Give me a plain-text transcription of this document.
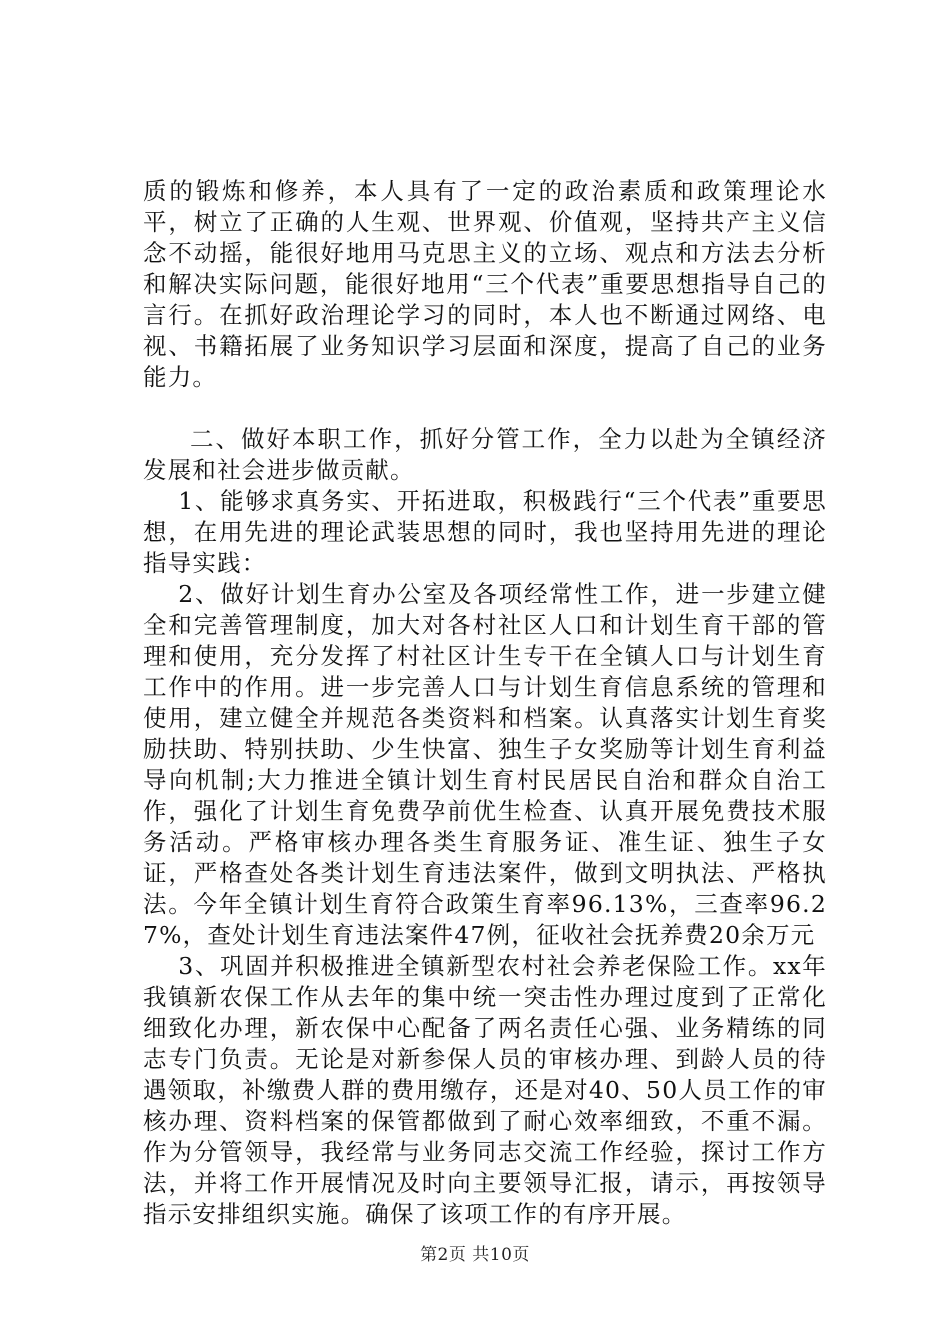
质的锻炼和修养，本人具有了一定的政治素质和政策理论水平，树立了正确的人生观、世界观、价值观，坚持共产主义信念不动摇，能很好地用马克思主义的立场、观点和方法去分析和解决实际问题，能很好地用“三个代表”重要思想指导自己的言行。在抓好政治理论学习的同时，本人也不断通过网络、电视、书籍拓展了业务知识学习层面和深度，提高了自己的业务能力。

二、做好本职工作，抓好分管工作，全力以赴为全镇经济发展和社会进步做贡献。

1、能够求真务实、开拓进取，积极践行“三个代表”重要思想，在用先进的理论武装思想的同时，我也坚持用先进的理论指导实践：

2、做好计划生育办公室及各项经常性工作，进一步建立健全和完善管理制度，加大对各村社区人口和计划生育干部的管理和使用，充分发挥了村社区计生专干在全镇人口与计划生育工作中的作用。进一步完善人口与计划生育信息系统的管理和使用，建立健全并规范各类资料和档案。认真落实计划生育奖励扶助、特别扶助、少生快富、独生子女奖励等计划生育利益导向机制;大力推进全镇计划生育村民居民自治和群众自治工作，强化了计划生育免费孕前优生检查、认真开展免费技术服务活动。严格审核办理各类生育服务证、准生证、独生子女证，严格查处各类计划生育违法案件，做到文明执法、严格执法。今年全镇计划生育符合政策生育率96.13%，三查率96.27%，查处计划生育违法案件47例，征收社会抚养费20余万元

3、巩固并积极推进全镇新型农村社会养老保险工作。xx年我镇新农保工作从去年的集中统一突击性办理过度到了正常化细致化办理，新农保中心配备了两名责任心强、业务精练的同志专门负责。无论是对新参保人员的审核办理、到龄人员的待遇领取，补缴费人群的费用缴存，还是对40、50人员工作的审核办理、资料档案的保管都做到了耐心效率细致，不重不漏。作为分管领导，我经常与业务同志交流工作经验，探讨工作方法，并将工作开展情况及时向主要领导汇报，请示，再按领导指示安排组织实施。确保了该项工作的有序开展。

第2页 共10页
